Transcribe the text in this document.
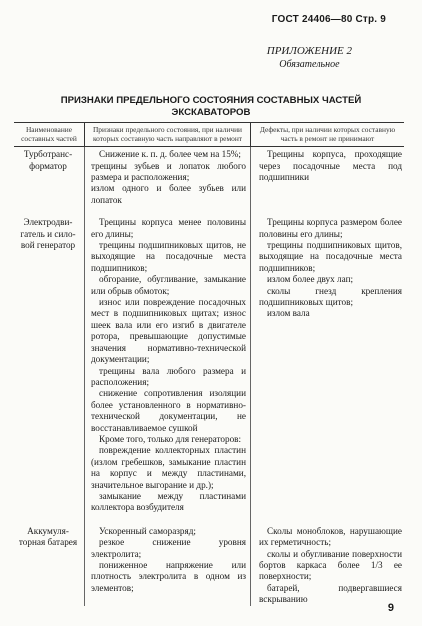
ГОСТ 24406—80 Стр. 9
ПРИЛОЖЕНИЕ 2
Обязательное
ПРИЗНАКИ ПРЕДЕЛЬНОГО СОСТОЯНИЯ СОСТАВНЫХ ЧАСТЕЙ
ЭКСКАВАТОРОВ
Наименование составных частей
Признаки предельного состояния, при наличии которых составную часть направляют в ремонт
Дефекты, при наличии которых составную часть в ремонт не принимают

Турботранс-

форматор

Снижение к. п. д. более чем на 15%;

трещины зубьев и лопаток любого размера и расположения;

излом одного и более зубьев или лопаток

Трещины корпуса, проходящие через посадочные места под подшипники

Электродви-

гатель и сило-

вой генератор

Трещины корпуса менее половины его длины;

трещины подшипниковых щитов, не выходящие на посадочные места подшипников;

обгорание, обугливание, замыкание или обрыв обмоток;

износ или повреждение посадочных мест в подшипниковых щитах; износ шеек вала или его изгиб в двигателе ротора, превышающие допустимые значения нормативно-технической документации;

трещины вала любого размера и расположения;

снижение сопротивления изоляции более установленного в нормативно-технической документации, не восстанавливаемое сушкой

Кроме того, только для генераторов:

повреждение коллекторных пластин (излом гребешков, замыкание пластин на корпус и между пластинами, значительное выгорание и др.);

замыкание между пластинами коллектора возбудителя

Трещины корпуса размером более половины его длины;

трещины подшипниковых щитов, выходящие на посадочные места подшипников;

излом более двух лап;

сколы гнезд крепления подшипниковых щитов;

излом вала

Аккумуля-

торная батарея

Ускоренный саморазряд;

резкое снижение уровня электролита;

пониженное напряжение или плотность электролита в одном из элементов;

Сколы моноблоков, нарушающие их герметичность;

сколы и обугливание поверхности бортов каркаса более 1/3 ее поверхности;

батарей, подвергавшиеся вскрыванию

9
